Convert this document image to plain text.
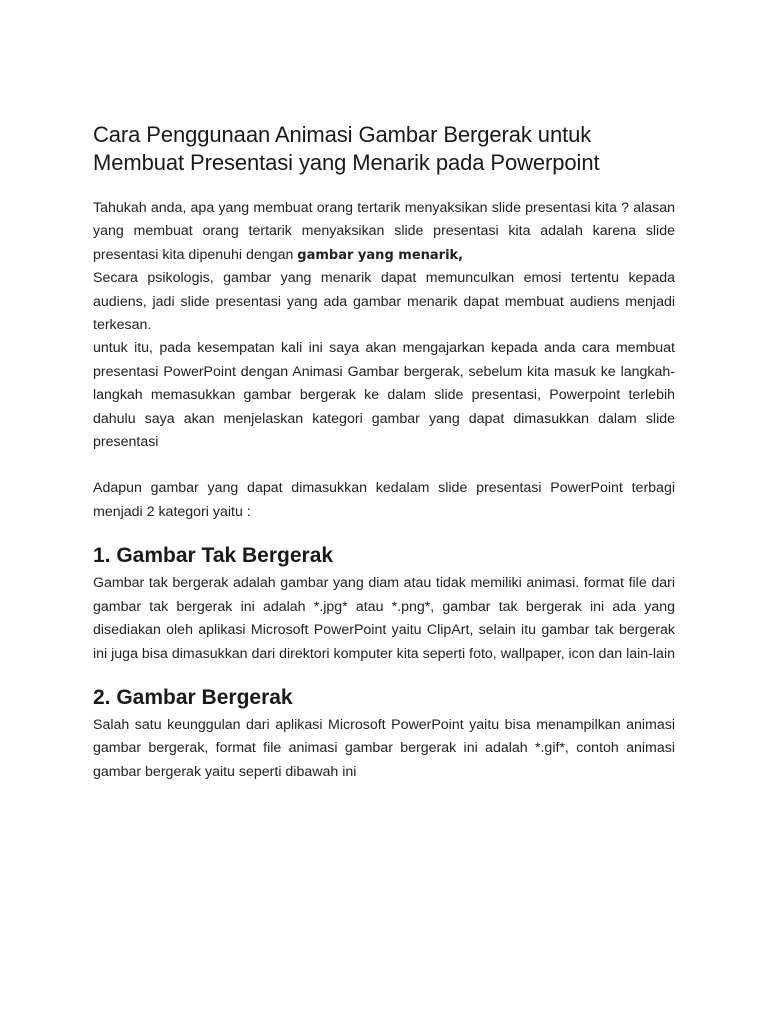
Cara Penggunaan Animasi Gambar Bergerak untuk
Membuat Presentasi yang Menarik pada Powerpoint

Tahukah anda, apa yang membuat orang tertarik menyaksikan slide presentasi kita ? alasan yang membuat orang tertarik menyaksikan slide presentasi kita adalah karena slide presentasi kita dipenuhi dengan gambar yang menarik,

Secara psikologis, gambar yang menarik dapat memunculkan emosi tertentu kepada audiens, jadi slide presentasi yang ada gambar menarik dapat membuat audiens menjadi terkesan.

untuk itu, pada kesempatan kali ini saya akan mengajarkan kepada anda cara membuat presentasi PowerPoint dengan Animasi Gambar bergerak, sebelum kita masuk ke langkah-langkah memasukkan gambar bergerak ke dalam slide presentasi, Powerpoint terlebih dahulu saya akan menjelaskan kategori gambar yang dapat dimasukkan dalam slide presentasi

Adapun gambar yang dapat dimasukkan kedalam slide presentasi PowerPoint terbagi menjadi 2 kategori yaitu :

1. Gambar Tak Bergerak

Gambar tak bergerak adalah gambar yang diam atau tidak memiliki animasi. format file dari gambar tak bergerak ini adalah *.jpg* atau *.png*, gambar tak bergerak ini ada yang disediakan oleh aplikasi Microsoft PowerPoint yaitu ClipArt, selain itu gambar tak bergerak ini juga bisa dimasukkan dari direktori komputer kita seperti foto, wallpaper, icon dan lain-lain

2. Gambar Bergerak

Salah satu keunggulan dari aplikasi Microsoft PowerPoint yaitu bisa menampilkan animasi gambar bergerak, format file animasi gambar bergerak ini adalah *.gif*, contoh animasi gambar bergerak yaitu seperti dibawah ini
